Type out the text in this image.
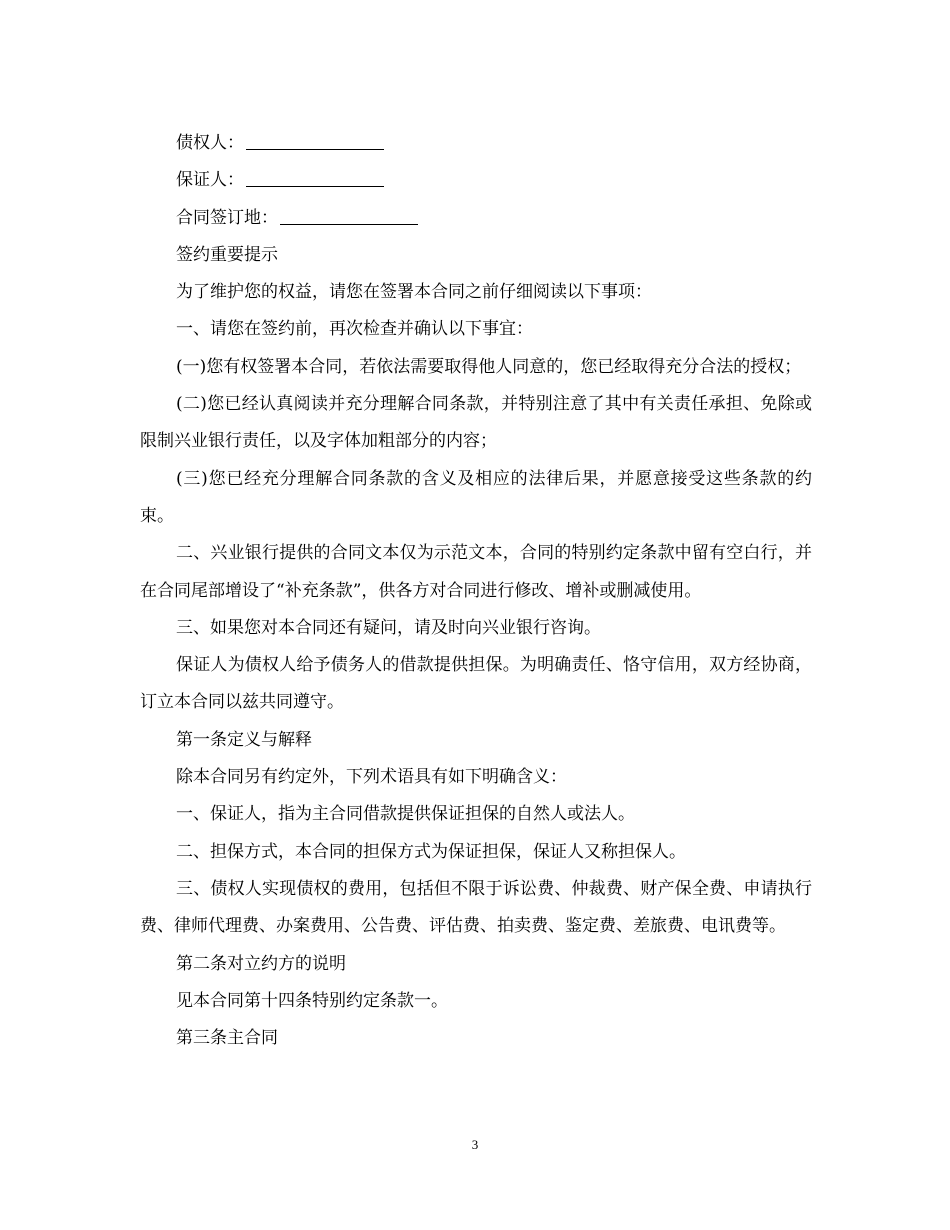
债权人：

保证人：

合同签订地：

签约重要提示

为了维护您的权益，请您在签署本合同之前仔细阅读以下事项：

一、请您在签约前，再次检查并确认以下事宜：

(一)您有权签署本合同，若依法需要取得他人同意的，您已经取得充分合法的授权；

(二)您已经认真阅读并充分理解合同条款，并特别注意了其中有关责任承担、免除或限制兴业银行责任，以及字体加粗部分的内容；

(三)您已经充分理解合同条款的含义及相应的法律后果，并愿意接受这些条款的约束。

二、兴业银行提供的合同文本仅为示范文本，合同的特别约定条款中留有空白行，并在合同尾部增设了“补充条款”，供各方对合同进行修改、增补或删减使用。

三、如果您对本合同还有疑问，请及时向兴业银行咨询。

保证人为债权人给予债务人的借款提供担保。为明确责任、恪守信用，双方经协商，订立本合同以兹共同遵守。

第一条定义与解释

除本合同另有约定外，下列术语具有如下明确含义：

一、保证人，指为主合同借款提供保证担保的自然人或法人。

二、担保方式，本合同的担保方式为保证担保，保证人又称担保人。

三、债权人实现债权的费用，包括但不限于诉讼费、仲裁费、财产保全费、申请执行费、律师代理费、办案费用、公告费、评估费、拍卖费、鉴定费、差旅费、电讯费等。

第二条对立约方的说明

见本合同第十四条特别约定条款一。

第三条主合同

3
